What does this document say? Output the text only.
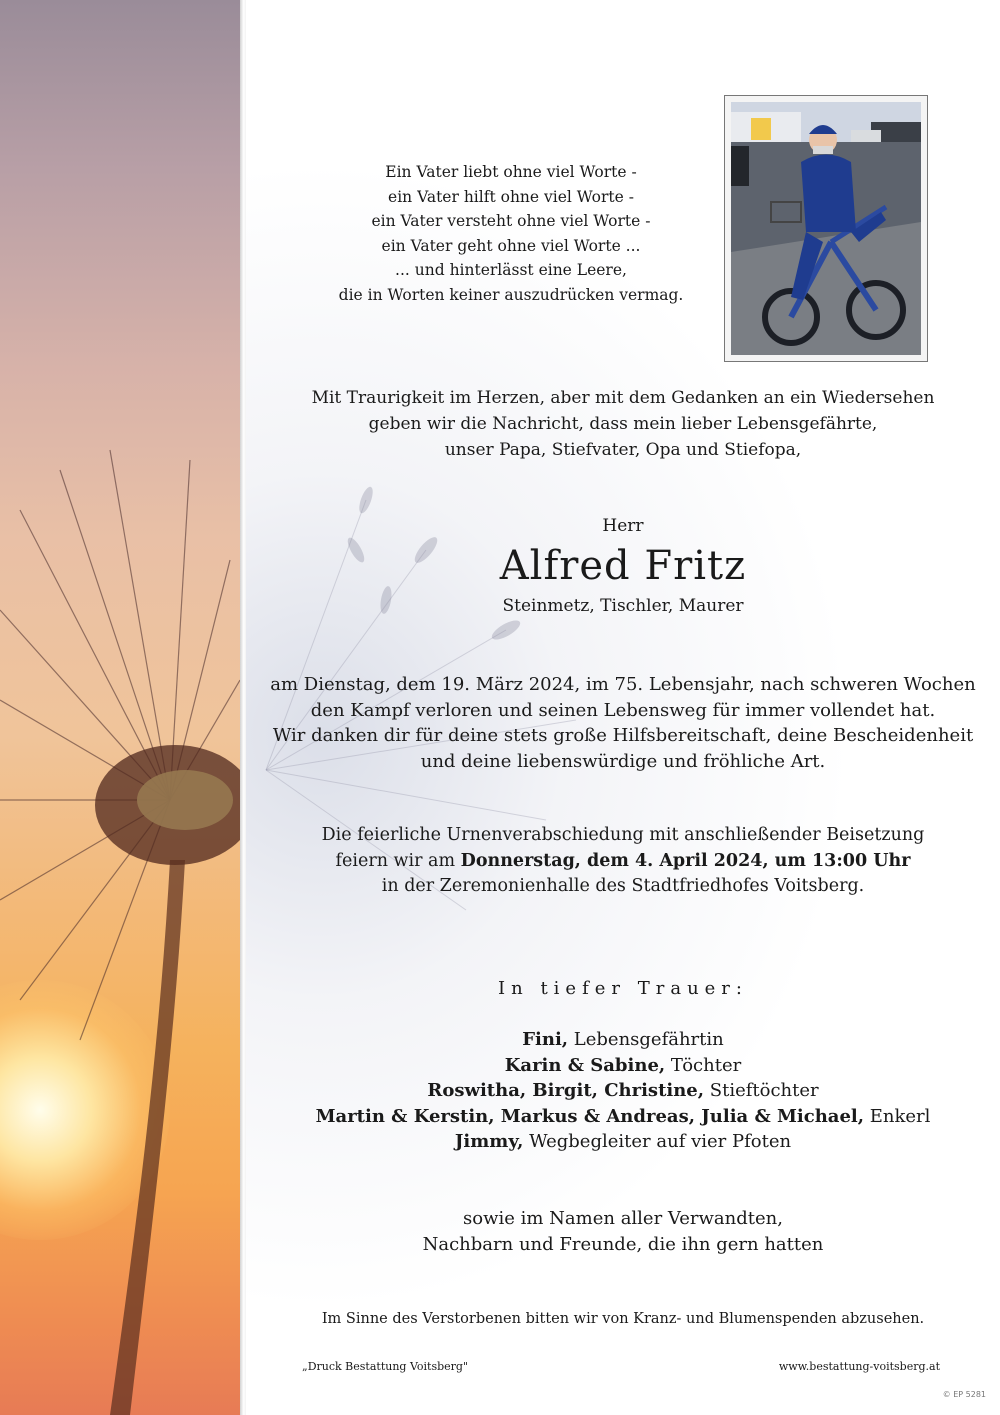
Ein Vater liebt ohne viel Worte -
ein Vater hilft ohne viel Worte -
ein Vater versteht ohne viel Worte -
ein Vater geht ohne viel Worte ...
... und hinterlässt eine Leere,
die in Worten keiner auszudrücken vermag.
Mit Traurigkeit im Herzen, aber mit dem Gedanken an ein Wiedersehen
geben wir die Nachricht, dass mein lieber Lebensgefährte,
unser Papa, Stiefvater, Opa und Stiefopa,
Herr
Alfred Fritz
Steinmetz, Tischler, Maurer
am Dienstag, dem 19. März 2024, im 75. Lebensjahr, nach schweren Wochen
den Kampf verloren und seinen Lebensweg für immer vollendet hat.
Wir danken dir für deine stets große Hilfsbereitschaft, deine Bescheidenheit
und deine liebenswürdige und fröhliche Art.
Die feierliche Urnenverabschiedung mit anschließender Beisetzung
feiern wir am Donnerstag, dem 4. April 2024, um 13:00 Uhr
in der Zeremonienhalle des Stadtfriedhofes Voitsberg.
In tiefer Trauer:
Fini, Lebensgefährtin
Karin & Sabine, Töchter
Roswitha, Birgit, Christine, Stieftöchter
Martin & Kerstin, Markus & Andreas, Julia & Michael, Enkerl
Jimmy, Wegbegleiter auf vier Pfoten
sowie im Namen aller Verwandten,
Nachbarn und Freunde, die ihn gern hatten
Im Sinne des Verstorbenen bitten wir von Kranz- und Blumenspenden abzusehen.
„Druck Bestattung Voitsberg"	www.bestattung-voitsberg.at
© EP 5281
